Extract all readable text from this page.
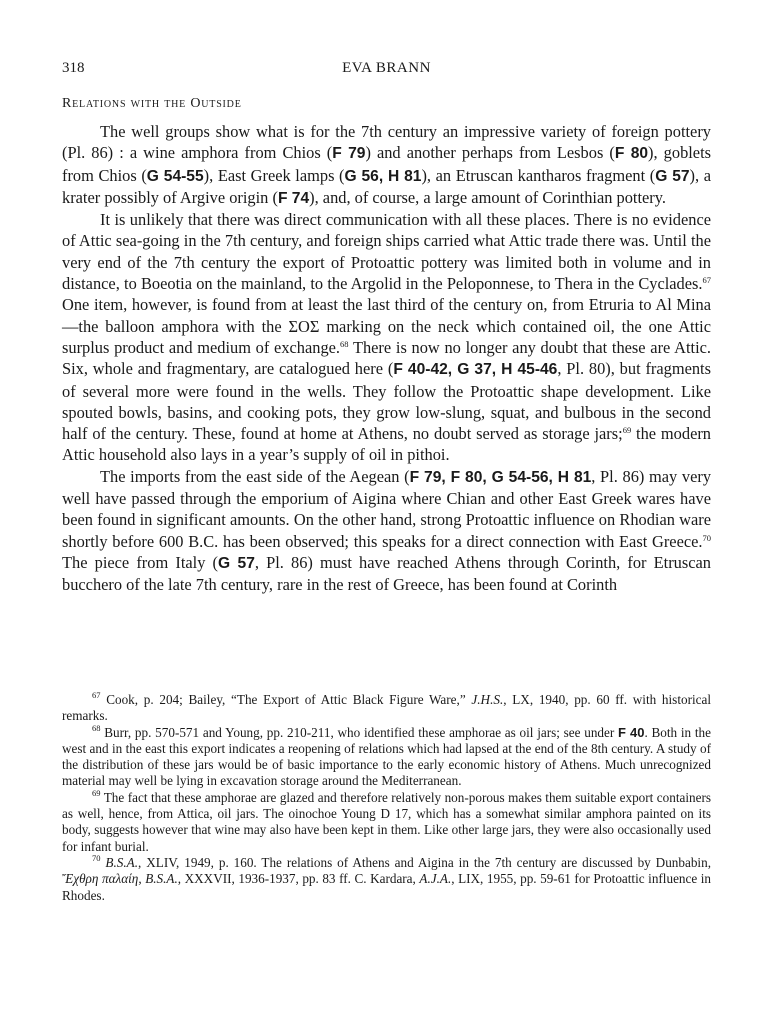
318	EVA BRANN
Relations with the Outside

The well groups show what is for the 7th century an impressive variety of foreign pottery (Pl. 86) : a wine amphora from Chios (F 79) and another perhaps from Lesbos (F 80), goblets from Chios (G 54-55), East Greek lamps (G 56, H 81), an Etruscan kantharos fragment (G 57), a krater possibly of Argive origin (F 74), and, of course, a large amount of Corinthian pottery.

It is unlikely that there was direct communication with all these places. There is no evidence of Attic sea-going in the 7th century, and foreign ships carried what Attic trade there was. Until the very end of the 7th century the export of Protoattic pottery was limited both in volume and in distance, to Boeotia on the mainland, to the Argolid in the Peloponnese, to Thera in the Cyclades.$^{67}$ One item, however, is found from at least the last third of the century on, from Etruria to Al Mina—the balloon amphora with the ΣΟΣ marking on the neck which contained oil, the one Attic surplus product and medium of exchange.$^{68}$ There is now no longer any doubt that these are Attic. Six, whole and fragmentary, are catalogued here (F 40-42, G 37, H 45-46, Pl. 80), but fragments of several more were found in the wells. They follow the Protoattic shape development. Like spouted bowls, basins, and cooking pots, they grow low-slung, squat, and bulbous in the second half of the century. These, found at home at Athens, no doubt served as storage jars;$^{69}$ the modern Attic household also lays in a year’s supply of oil in pithoi.

The imports from the east side of the Aegean (F 79, F 80, G 54-56, H 81, Pl. 86) may very well have passed through the emporium of Aigina where Chian and other East Greek wares have been found in significant amounts. On the other hand, strong Protoattic influence on Rhodian ware shortly before 600 B.C. has been observed; this speaks for a direct connection with East Greece.$^{70}$ The piece from Italy (G 57, Pl. 86) must have reached Athens through Corinth, for Etruscan bucchero of the late 7th century, rare in the rest of Greece, has been found at Corinth

$^{67}$ Cook, p. 204; Bailey, “The Export of Attic Black Figure Ware,” J.H.S., LX, 1940, pp. 60 ff. with historical remarks.

$^{68}$ Burr, pp. 570-571 and Young, pp. 210-211, who identified these amphorae as oil jars; see under F 40. Both in the west and in the east this export indicates a reopening of relations which had lapsed at the end of the 8th century. A study of the distribution of these jars would be of basic importance to the early economic history of Athens. Much unrecognized material may well be lying in excavation storage around the Mediterranean.

$^{69}$ The fact that these amphorae are glazed and therefore relatively non-porous makes them suitable export containers as well, hence, from Attica, oil jars. The oinochoe Young D 17, which has a somewhat similar amphora painted on its body, suggests however that wine may also have been kept in them. Like other large jars, they were also occasionally used for infant burial.

$^{70}$ B.S.A., XLIV, 1949, p. 160. The relations of Athens and Aigina in the 7th century are discussed by Dunbabin, Ἔχθρη παλαίη, B.S.A., XXXVII, 1936-1937, pp. 83 ff. C. Kardara, A.J.A., LIX, 1955, pp. 59-61 for Protoattic influence in Rhodes.
